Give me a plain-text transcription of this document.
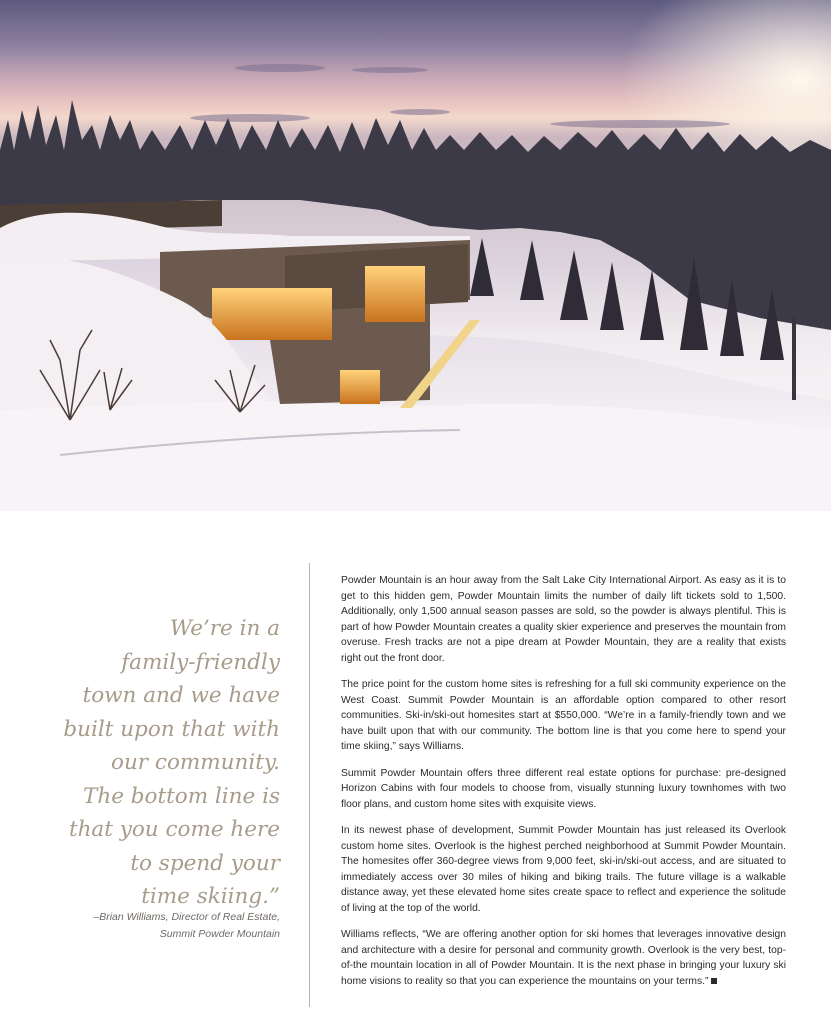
We’re in a
family-friendly
town and we have
built upon that with
our community.
The bottom line is
that you come here
to spend your
time skiing.”
–Brian Williams, Director of Real Estate,
Summit Powder Mountain

Powder Mountain is an hour away from the Salt Lake City International Airport. As easy as it is to get to this hidden gem, Powder Mountain limits the number of daily lift tickets sold to 1,500. Additionally, only 1,500 annual season passes are sold, so the powder is always plentiful. This is part of how Powder Mountain creates a quality skier experience and preserves the mountain from overuse. Fresh tracks are not a pipe dream at Powder Mountain, they are a reality that exists right out the front door.

The price point for the custom home sites is refreshing for a full ski community experience on the West Coast. Summit Powder Mountain is an affordable option compared to other resort communities. Ski-in/ski-out homesites start at $550,000. “We’re in a family-friendly town and we have built upon that with our community. The bottom line is that you come here to spend your time skiing,” says Williams.

Summit Powder Mountain offers three different real estate options for purchase: pre-designed Horizon Cabins with four models to choose from, visually stunning luxury townhomes with two floor plans, and custom home sites with exquisite views.

In its newest phase of development, Summit Powder Mountain has just released its Overlook custom home sites. Overlook is the highest perched neighborhood at Summit Powder Mountain. The homesites offer 360-degree views from 9,000 feet, ski-in/ski-out access, and are situated to immediately access over 30 miles of hiking and biking trails. The future village is a walkable distance away, yet these elevated home sites create space to reflect and experience the solitude of living at the top of the world.

Williams reflects, “We are offering another option for ski homes that leverages innovative design and architecture with a desire for personal and community growth. Overlook is the very best, top-of-the mountain location in all of Powder Mountain. It is the next phase in bringing your luxury ski home visions to reality so that you can experience the mountains on your terms.”
